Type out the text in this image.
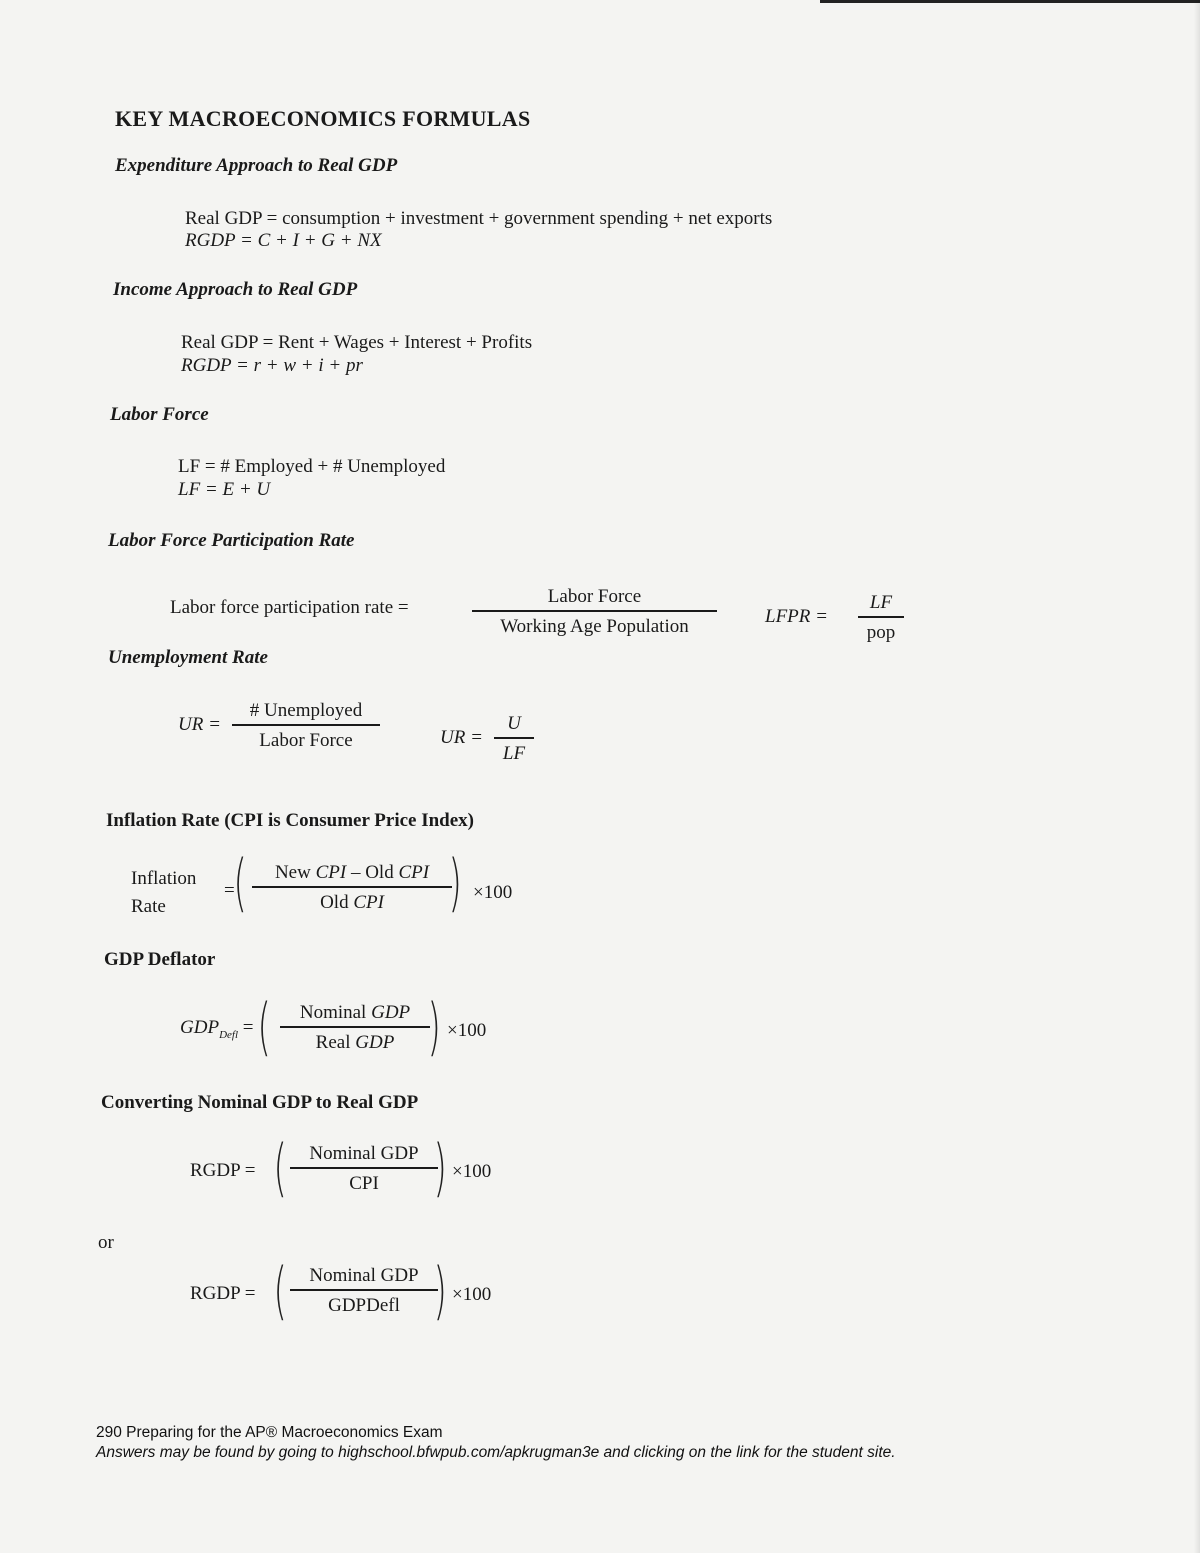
KEY MACROECONOMICS FORMULAS
Expenditure Approach to Real GDP
Real GDP = consumption + investment + government spending + net exports
RGDP = C + I + G + NX
Income Approach to Real GDP
Real GDP = Rent + Wages + Interest + Profits
RGDP = r + w + i + pr
Labor Force
LF = # Employed + # Unemployed
LF = E + U
Labor Force Participation Rate
Labor force participation rate =
Labor Force
Working Age Population	LFPR =
LF
pop
Unemployment Rate
UR =
# Unemployed
Labor Force	UR =
U
LF
Inflation Rate (CPI is Consumer Price Index)
Inflation
Rate
=
(	New CPI – Old CPI
Old CPI ) ×100
GDP Deflator
$GDP_{Defl}$ = (	Nominal GDP
Real GDP ) ×100
Converting Nominal GDP to Real GDP
RGDP = (	Nominal GDP
CPI ) ×100
or
RGDP = (	Nominal GDP
GDPDefl ) ×100
290 Preparing for the AP® Macroeconomics Exam
Answers may be found by going to highschool.bfwpub.com/apkrugman3e and clicking on the link for the student site.
